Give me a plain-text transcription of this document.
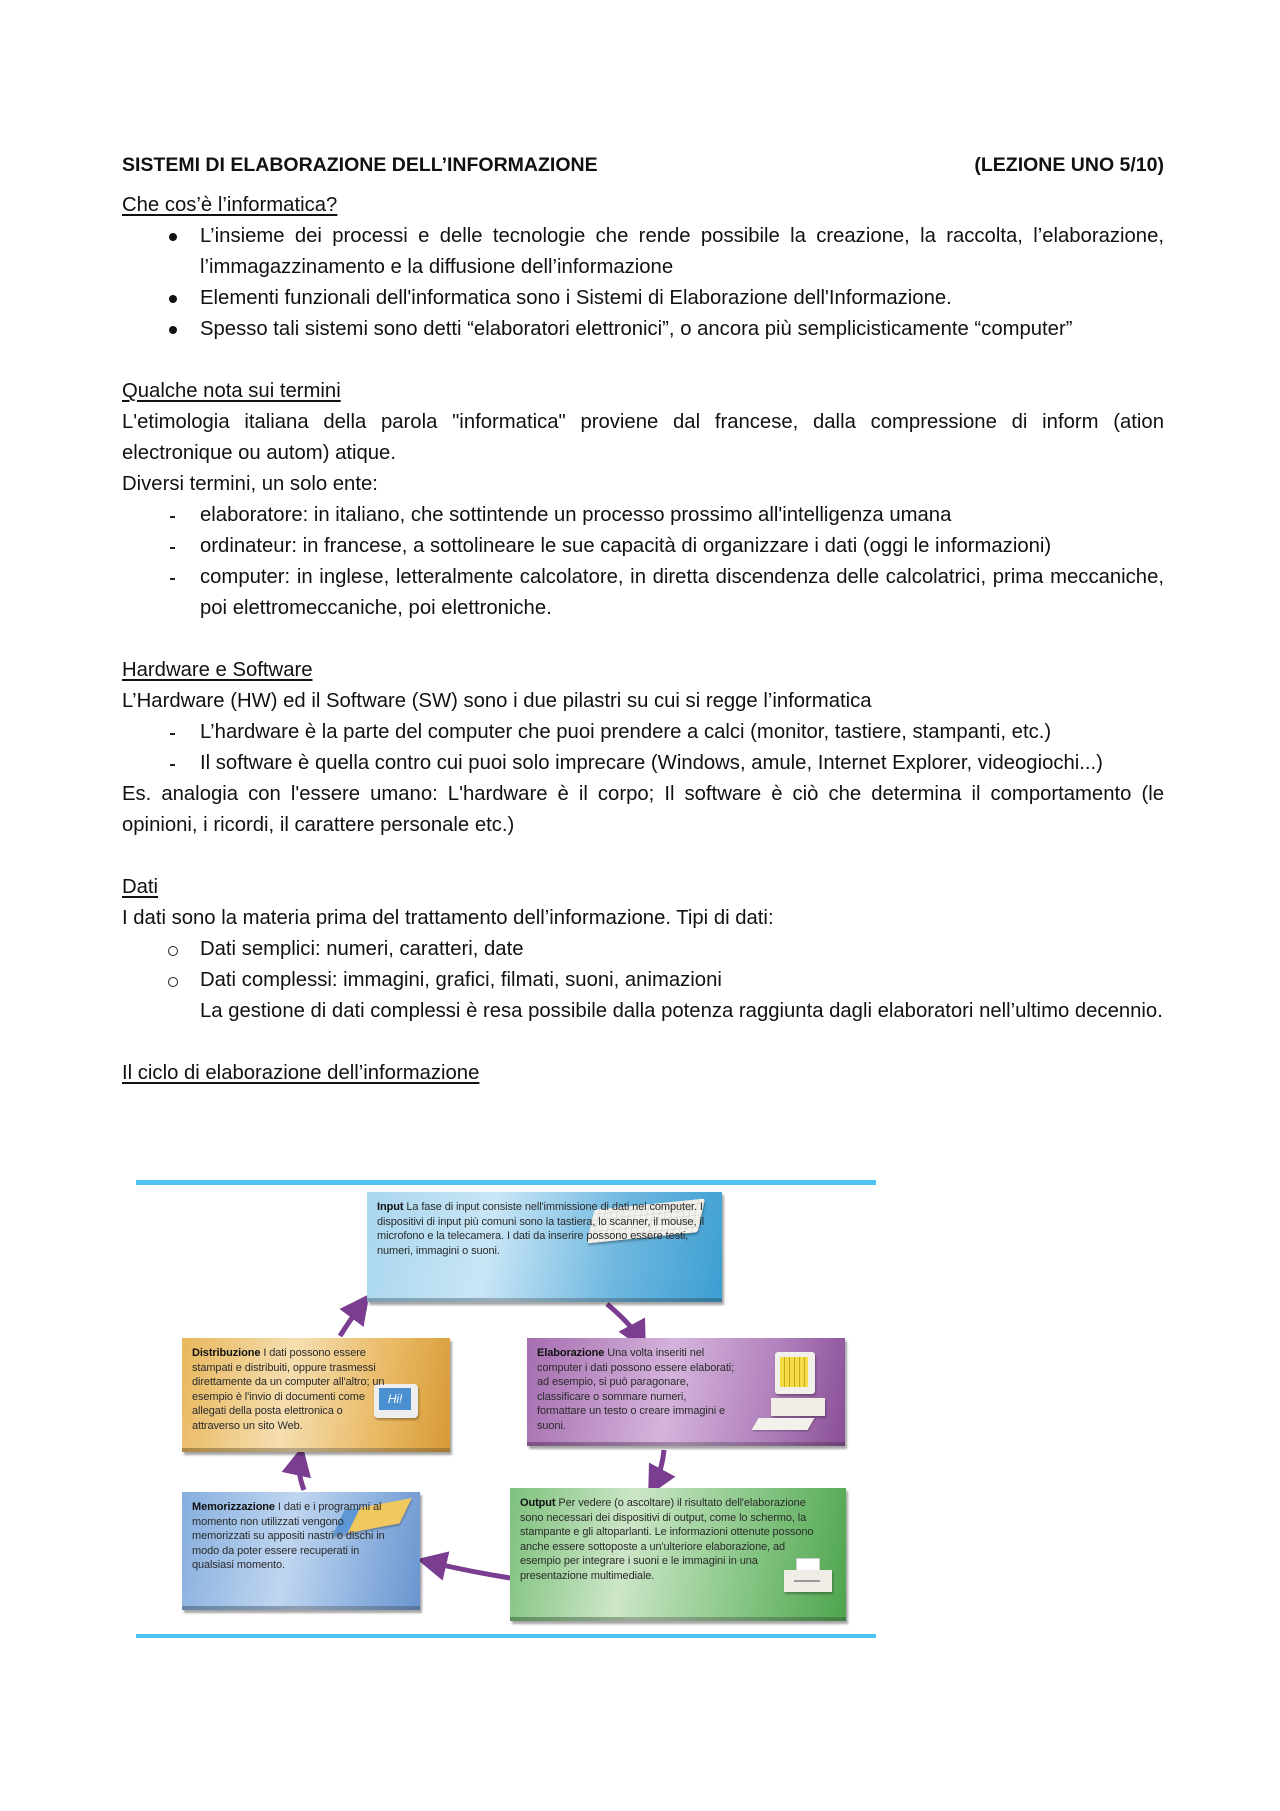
SISTEMI DI ELABORAZIONE DELL’INFORMAZIONE	(LEZIONE UNO 5/10)
Che cos’è l’informatica?
L’insieme dei processi e delle tecnologie che rende possibile la creazione, la raccolta, l’elaborazione, l’immagazzinamento e la diffusione dell’informazione
Elementi funzionali dell'informatica sono i Sistemi di Elaborazione dell'Informazione.
Spesso tali sistemi sono detti “elaboratori elettronici”, o ancora più semplicisticamente “computer”
Qualche nota sui termini

L'etimologia italiana della parola "informatica" proviene dal francese, dalla compressione di inform (ation electronique ou autom) atique.

Diversi termini, un solo ente:

elaboratore: in italiano, che sottintende un processo prossimo all'intelligenza umana
ordinateur: in francese, a sottolineare le sue capacità di organizzare i dati (oggi le informazioni)
computer: in inglese, letteralmente calcolatore, in diretta discendenza delle calcolatrici, prima meccaniche, poi elettromeccaniche, poi elettroniche.
Hardware e Software

L’Hardware (HW) ed il Software (SW) sono i due pilastri su cui si regge l’informatica

L’hardware è la parte del computer che puoi prendere a calci (monitor, tastiere, stampanti, etc.)
Il software è quella contro cui puoi solo imprecare (Windows, amule, Internet Explorer, videogiochi...)

Es. analogia con l'essere umano: L'hardware è il corpo; Il software è ciò che determina il comportamento (le opinioni, i ricordi, il carattere personale etc.)

Dati

I dati sono la materia prima del trattamento dell’informazione. Tipi di dati:

Dati semplici: numeri, caratteri, date
Dati complessi: immagini, grafici, filmati, suoni, animazioni
La gestione di dati complessi è resa possibile dalla potenza raggiunta dagli elaboratori nell’ultimo decennio.
Il ciclo di elaborazione dell’informazione
Input La fase di input consiste nell'immissione di dati nel computer. I dispositivi di input più comuni sono la tastiera, lo scanner, il mouse, il microfono e la telecamera. I dati da inserire possono essere testi, numeri, immagini o suoni.
Hi!
Distribuzione I dati possono essere stampati e distribuiti, oppure trasmessi direttamente da un computer all'altro; un esempio è l'invio di documenti come allegati della posta elettronica o attraverso un sito Web.
Elaborazione Una volta inseriti nel computer i dati possono essere elaborati; ad esempio, si può paragonare, classificare o sommare numeri, formattare un testo o creare immagini e suoni.
Memorizzazione I dati e i programmi al momento non utilizzati vengono memorizzati su appositi nastri o dischi in modo da poter essere recuperati in qualsiasi momento.
Output Per vedere (o ascoltare) il risultato dell'elaborazione sono necessari dei dispositivi di output, come lo schermo, la stampante e gli altoparlanti. Le informazioni ottenute possono anche essere sottoposte a un'ulteriore elaborazione, ad esempio per integrare i suoni e le immagini in una presentazione multimediale.
